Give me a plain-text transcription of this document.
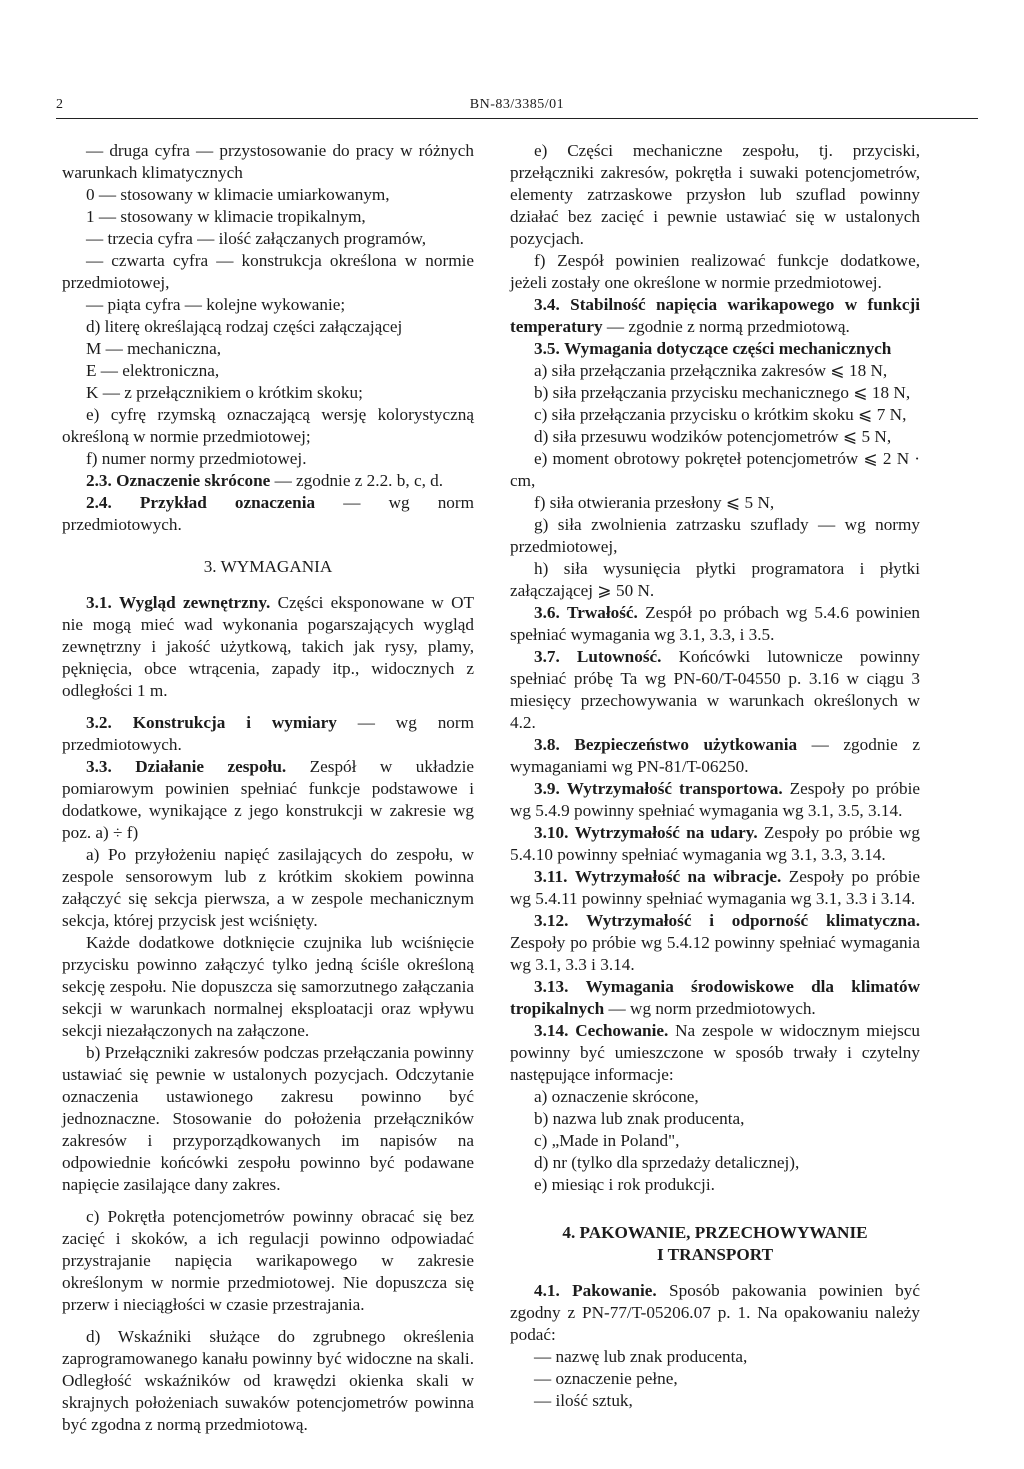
2	BN-83/3385/01

— druga cyfra — przystosowanie do pracy w różnych warunkach klimatycznych

0 — stosowany w klimacie umiarkowanym,

1 — stosowany w klimacie tropikalnym,

— trzecia cyfra — ilość załączanych programów,

— czwarta cyfra — konstrukcja określona w normie przedmiotowej,

— piąta cyfra — kolejne wykowanie;

d) literę określającą rodzaj części załączającej

M — mechaniczna,

E — elektroniczna,

K — z przełącznikiem o krótkim skoku;

e) cyfrę rzymską oznaczającą wersję kolorystyczną określoną w normie przedmiotowej;

f) numer normy przedmiotowej.

2.3. Oznaczenie skrócone — zgodnie z 2.2. b, c, d.

2.4. Przykład oznaczenia — wg norm przedmiotowych.

3. WYMAGANIA

3.1. Wygląd zewnętrzny. Części eksponowane w OT nie mogą mieć wad wykonania pogarszających wygląd zewnętrzny i jakość użytkową, takich jak rysy, plamy, pęknięcia, obce wtrącenia, zapady itp., widocznych z odległości 1 m.

3.2. Konstrukcja i wymiary — wg norm przedmiotowych.

3.3. Działanie zespołu. Zespół w układzie pomiarowym powinien spełniać funkcje podstawowe i dodatkowe, wynikające z jego konstrukcji w zakresie wg poz. a) ÷ f)

a) Po przyłożeniu napięć zasilających do zespołu, w zespole sensorowym lub z krótkim skokiem powinna załączyć się sekcja pierwsza, a w zespole mechanicznym sekcja, której przycisk jest wciśnięty.

Każde dodatkowe dotknięcie czujnika lub wciśnięcie przycisku powinno załączyć tylko jedną ściśle określoną sekcję zespołu. Nie dopuszcza się samorzutnego załączania sekcji w warunkach normalnej eksploatacji oraz wpływu sekcji niezałączonych na załączone.

b) Przełączniki zakresów podczas przełączania powinny ustawiać się pewnie w ustalonych pozycjach. Odczytanie oznaczenia ustawionego zakresu powinno być jednoznaczne. Stosowanie do położenia przełączników zakresów i przyporządkowanych im napisów na odpowiednie końcówki zespołu powinno być podawane napięcie zasilające dany zakres.

c) Pokrętła potencjometrów powinny obracać się bez zacięć i skoków, a ich regulacji powinno odpowiadać przystrajanie napięcia warikapowego w zakresie określonym w normie przedmiotowej. Nie dopuszcza się przerw i nieciągłości w czasie przestrajania.

d) Wskaźniki służące do zgrubnego określenia zaprogramowanego kanału powinny być widoczne na skali. Odległość wskaźników od krawędzi okienka skali w skrajnych położeniach suwaków potencjometrów powinna być zgodna z normą przedmiotową.

e) Części mechaniczne zespołu, tj. przyciski, przełączniki zakresów, pokrętła i suwaki potencjometrów, elementy zatrzaskowe przysłon lub szuflad powinny działać bez zacięć i pewnie ustawiać się w ustalonych pozycjach.

f) Zespół powinien realizować funkcje dodatkowe, jeżeli zostały one określone w normie przedmiotowej.

3.4. Stabilność napięcia warikapowego w funkcji temperatury — zgodnie z normą przedmiotową.

3.5. Wymagania dotyczące części mechanicznych

a) siła przełączania przełącznika zakresów ⩽ 18 N,

b) siła przełączania przycisku mechanicznego ⩽ 18 N,

c) siła przełączania przycisku o krótkim skoku ⩽ 7 N,

d) siła przesuwu wodzików potencjometrów ⩽ 5 N,

e) moment obrotowy pokręteł potencjometrów ⩽ 2 N · cm,

f) siła otwierania przesłony ⩽ 5 N,

g) siła zwolnienia zatrzasku szuflady — wg normy przedmiotowej,

h) siła wysunięcia płytki programatora i płytki załączającej ⩾ 50 N.

3.6. Trwałość. Zespół po próbach wg 5.4.6 powinien spełniać wymagania wg 3.1, 3.3, i 3.5.

3.7. Lutowność. Końcówki lutownicze powinny spełniać próbę Ta wg PN-60/T-04550 p. 3.16 w ciągu 3 miesięcy przechowywania w warunkach określonych w 4.2.

3.8. Bezpieczeństwo użytkowania — zgodnie z wymaganiami wg PN-81/T-06250.

3.9. Wytrzymałość transportowa. Zespoły po próbie wg 5.4.9 powinny spełniać wymagania wg 3.1, 3.5, 3.14.

3.10. Wytrzymałość na udary. Zespoły po próbie wg 5.4.10 powinny spełniać wymagania wg 3.1, 3.3, 3.14.

3.11. Wytrzymałość na wibracje. Zespoły po próbie wg 5.4.11 powinny spełniać wymagania wg 3.1, 3.3 i 3.14.

3.12. Wytrzymałość i odporność klimatyczna. Zespoły po próbie wg 5.4.12 powinny spełniać wymagania wg 3.1, 3.3 i 3.14.

3.13. Wymagania środowiskowe dla klimatów tropikalnych — wg norm przedmiotowych.

3.14. Cechowanie. Na zespole w widocznym miejscu powinny być umieszczone w sposób trwały i czytelny następujące informacje:

a) oznaczenie skrócone,

b) nazwa lub znak producenta,

c) „Made in Poland",

d) nr (tylko dla sprzedaży detalicznej),

e) miesiąc i rok produkcji.

4. PAKOWANIE, PRZECHOWYWANIE
I TRANSPORT

4.1. Pakowanie. Sposób pakowania powinien być zgodny z PN-77/T-05206.07 p. 1. Na opakowaniu należy podać:

— nazwę lub znak producenta,

— oznaczenie pełne,

— ilość sztuk,
